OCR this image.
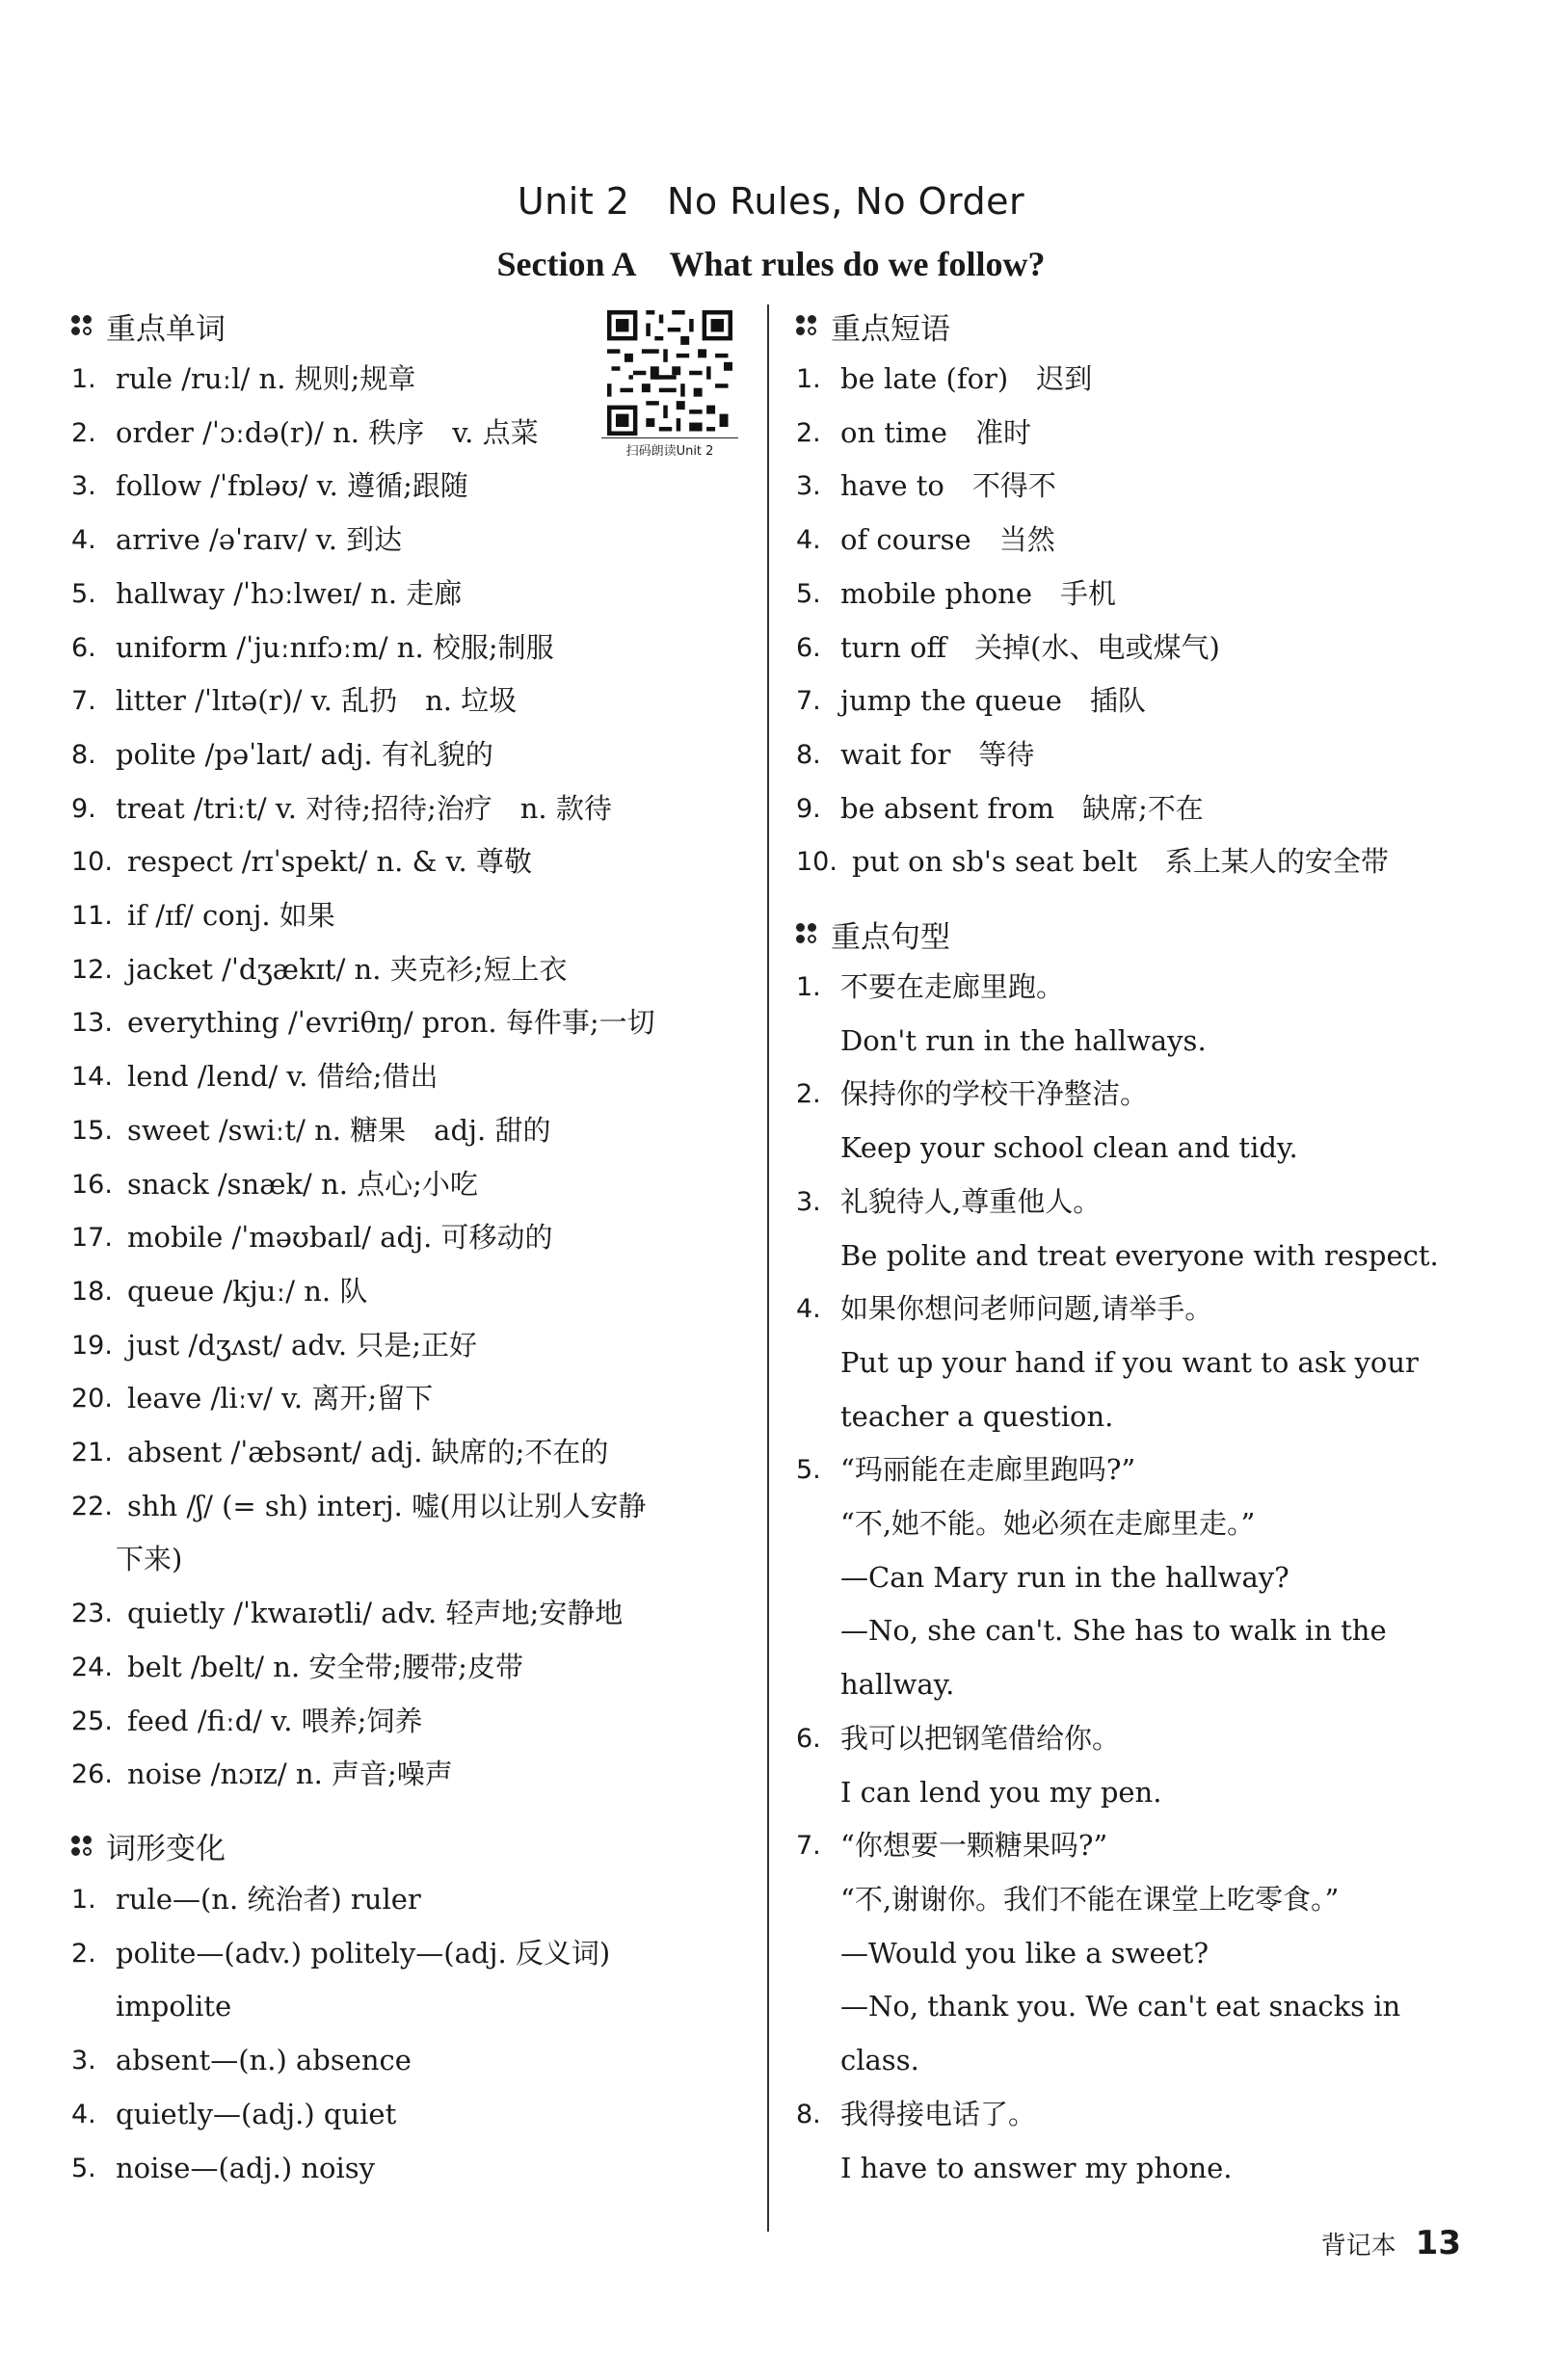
Unit 2　No Rules, No Order
Section A　What rules do we follow?
扫码朗读Unit 2
重点单词
1. rule /ruːl/ n. 规则;规章
2. order /ˈɔːdə(r)/ n. 秩序　v. 点菜
3. follow /ˈfɒləʊ/ v. 遵循;跟随
4. arrive /əˈraɪv/ v. 到达
5. hallway /ˈhɔːlweɪ/ n. 走廊
6. uniform /ˈjuːnɪfɔːm/ n. 校服;制服
7. litter /ˈlɪtə(r)/ v. 乱扔　n. 垃圾
8. polite /pəˈlaɪt/ adj. 有礼貌的
9. treat /triːt/ v. 对待;招待;治疗　n. 款待
10. respect /rɪˈspekt/ n. & v. 尊敬
11. if /ɪf/ conj. 如果
12. jacket /ˈdʒækɪt/ n. 夹克衫;短上衣
13. everything /ˈevriθɪŋ/ pron. 每件事;一切
14. lend /lend/ v. 借给;借出
15. sweet /swiːt/ n. 糖果　adj. 甜的
16. snack /snæk/ n. 点心;小吃
17. mobile /ˈməʊbaɪl/ adj. 可移动的
18. queue /kjuː/ n. 队
19. just /dʒʌst/ adv. 只是;正好
20. leave /liːv/ v. 离开;留下
21. absent /ˈæbsənt/ adj. 缺席的;不在的
22. shh /ʃ/ (= sh) interj. 嘘(用以让别人安静
下来)
23. quietly /ˈkwaɪətli/ adv. 轻声地;安静地
24. belt /belt/ n. 安全带;腰带;皮带
25. feed /fiːd/ v. 喂养;饲养
26. noise /nɔɪz/ n. 声音;噪声
词形变化
1. rule—(n. 统治者) ruler
2. polite—(adv.) politely—(adj. 反义词)
impolite
3. absent—(n.) absence
4. quietly—(adj.) quiet
5. noise—(adj.) noisy
重点短语
1. be late (for)　迟到
2. on time　准时
3. have to　不得不
4. of course　当然
5. mobile phone　手机
6. turn off　关掉(水、电或煤气)
7. jump the queue　插队
8. wait for　等待
9. be absent from　缺席;不在
10. put on sb's seat belt　系上某人的安全带
重点句型
1. 不要在走廊里跑。
Don't run in the hallways.
2. 保持你的学校干净整洁。
Keep your school clean and tidy.
3. 礼貌待人,尊重他人。
Be polite and treat everyone with respect.
4. 如果你想问老师问题,请举手。
Put up your hand if you want to ask your
teacher a question.
5. “玛丽能在走廊里跑吗?”
“不,她不能。她必须在走廊里走。”
—Can Mary run in the hallway?
—No, she can't. She has to walk in the
hallway.
6. 我可以把钢笔借给你。
I can lend you my pen.
7. “你想要一颗糖果吗?”
“不,谢谢你。我们不能在课堂上吃零食。”
—Would you like a sweet?
—No, thank you. We can't eat snacks in
class.
8. 我得接电话了。
I have to answer my phone.
背记本 13
